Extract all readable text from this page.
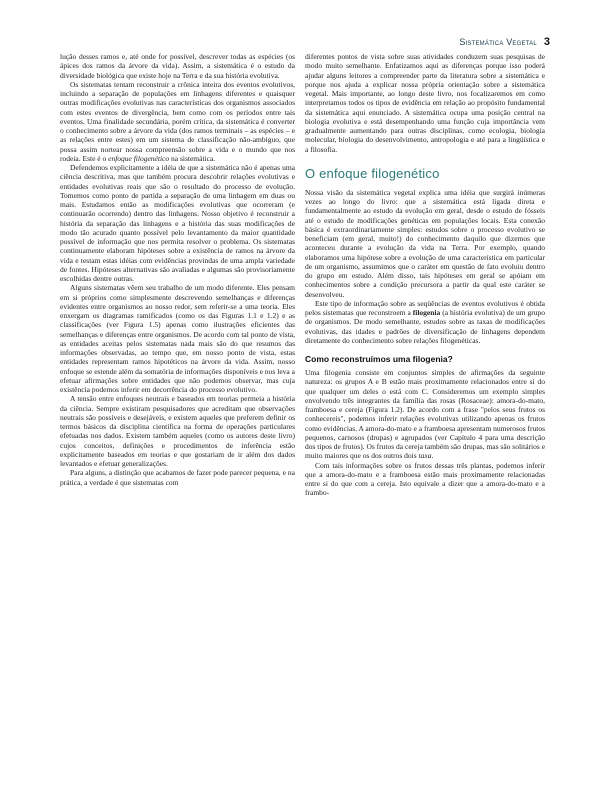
Sistemática Vegetal 3

lução desses ramos e, até onde for possível, descrever todas as espécies (os ápices dos ramos da árvore da vida). Assim, a sistemática é o estudo da diversidade biológica que existe hoje na Terra e da sua história evolutiva.

Os sistematas tentam reconstruir a crônica inteira dos eventos evolutivos, incluindo a separação de populações em linhagens diferentes e quaisquer outras modificações evolutivas nas características dos organismos associados com estes eventos de divergência, bem como com os períodos entre tais eventos. Uma finalidade secundária, porém crítica, da sistemática é converter o conhecimento sobre a árvore da vida (dos ramos terminais – as espécies – e as relações entre estes) em um sistema de classificação não-ambíguo, que possa assim nortear nossa compreensão sobre a vida e o mundo que nos rodeia. Este é o enfoque filogenético na sistemática.

Defendemos explicitamente a idéia de que a sistemática não é apenas uma ciência descritiva, mas que também procura descobrir relações evolutivas e entidades evolutivas reais que são o resultado do processo de evolução. Tomemos como ponto de partida a separação de uma linhagem em duas ou mais. Estudamos então as modificações evolutivas que ocorreram (e continuarão ocorrendo) dentro das linhagens. Nosso objetivo é reconstruir a história da separação das linhagens e a história das suas modificações de modo tão acurado quanto possível pelo levantamento da maior quantidade possível de informação que nos permita resolver o problema. Os sistematas continuamente elaboram hipóteses sobre a existência de ramos na árvore da vida e testam estas idéias com evidências provindas de uma ampla variedade de fontes. Hipóteses alternativas são avaliadas e algumas são provisoriamente escolhidas dentre outras.

Alguns sistematas vêem seu trabalho de um modo diferente. Eles pensam em si próprios como simplesmente descrevendo semelhanças e diferenças evidentes entre organismos ao nosso redor, sem referir-se a uma teoria. Eles enxergam os diagramas ramificados (como os das Figuras 1.1 e 1.2) e as classificações (ver Figura 1.5) apenas como ilustrações eficientes das semelhanças e diferenças entre organismos. De acordo com tal ponto de vista, as entidades aceitas pelos sistematas nada mais são do que resumos das informações observadas, ao tempo que, em nosso ponto de vista, estas entidades representam ramos hipotéticos na árvore da vida. Assim, nosso enfoque se estende além da somatória de informações disponíveis e nos leva a efetuar afirmações sobre entidades que não podemos observar, mas cuja existência podemos inferir em decorrência do processo evolutivo.

A tensão entre enfoques neutrais e baseados em teorias permeia a história da ciência. Sempre existiram pesquisadores que acreditam que observações neutrais são possíveis e desejáveis, e existem aqueles que preferem definir os termos básicos da disciplina científica na forma de operações particulares efetuadas nos dados. Existem também aqueles (como os autores deste livro) cujos conceitos, definições e procedimentos de inferência estão explicitamente baseados em teorias e que gostariam de ir além dos dados levantados e efetuar generalizações.

Para alguns, a distinção que acabamos de fazer pode parecer pequena, e na prática, a verdade é que sistematas com

diferentes pontos de vista sobre suas atividades conduzem suas pesquisas de modo muito semelhante. Enfatizamos aqui as diferenças porque isso poderá ajudar alguns leitores a compreender parte da literatura sobre a sistemática e porque nos ajuda a explicar nossa própria orientação sobre a sistemática vegetal. Mais importante, ao longo deste livro, nos focalizaremos em como interpretamos todos os tipos de evidência em relação ao propósito fundamental da sistemática aqui enunciado. A sistemática ocupa uma posição central na biologia evolutiva e está desempenhando uma função cuja importância vem gradualmente aumentando para outras disciplinas, como ecologia, biologia molecular, biologia do desenvolvimento, antropologia e até para a lingüística e a filosofia.

O enfoque filogenético

Nossa visão da sistemática vegetal explica uma idéia que surgirá inúmeras vezes ao longo do livro: que a sistemática está ligada direta e fundamentalmente ao estudo da evolução em geral, desde o estudo de fósseis até o estudo de modificações genéticas em populações locais. Esta conexão básica é extraordinariamente simples: estudos sobre o processo evolutivo se beneficiam (em geral, muito!) do conhecimento daquilo que dizemos que aconteceu durante a evolução da vida na Terra. Por exemplo, quando elaboramos uma hipótese sobre a evolução de uma característica em particular de um organismo, assumimos que o caráter em questão de fato evoluiu dentro do grupo em estudo. Além disso, tais hipóteses em geral se apóiam em conhecimentos sobre a condição precursora a partir da qual este caráter se desenvolveu.

Este tipo de informação sobre as seqüências de eventos evolutivos é obtida pelos sistematas que reconstroem a filogenia (a história evolutiva) de um grupo de organismos. De modo semelhante, estudos sobre as taxas de modificações evolutivas, das idades e padrões de diversificação de linhagens dependem diretamente do conhecimento sobre relações filogenéticas.

Como reconstruímos uma filogenia?

Uma filogenia consiste em conjuntos simples de afirmações da seguinte natureza: os grupos A e B estão mais proximamente relacionados entre si do que qualquer um deles o está com C. Consideremos um exemplo simples envolvendo três integrantes da família das rosas (Rosaceae): amora-do-mato, framboesa e cereja (Figura 1.2). De acordo com a frase "pelos seus frutos os conhecereis", podemos inferir relações evolutivas utilizando apenas os frutos como evidências. A amora-do-mato e a framboesa apresentam numerosos frutos pequenos, carnosos (drupas) e agrupados (ver Capítulo 4 para uma descrição dos tipos de frutos). Os frutos da cereja também são drupas, mas são solitários e muito maiores que os dos outros dois taxa.

Com tais informações sobre os frutos dessas três plantas, podemos inferir que a amora-do-mato e a framboesa estão mais proximamente relacionadas entre si do que com a cereja. Isto equivale a dizer que a amora-do-mato e a frambo-
